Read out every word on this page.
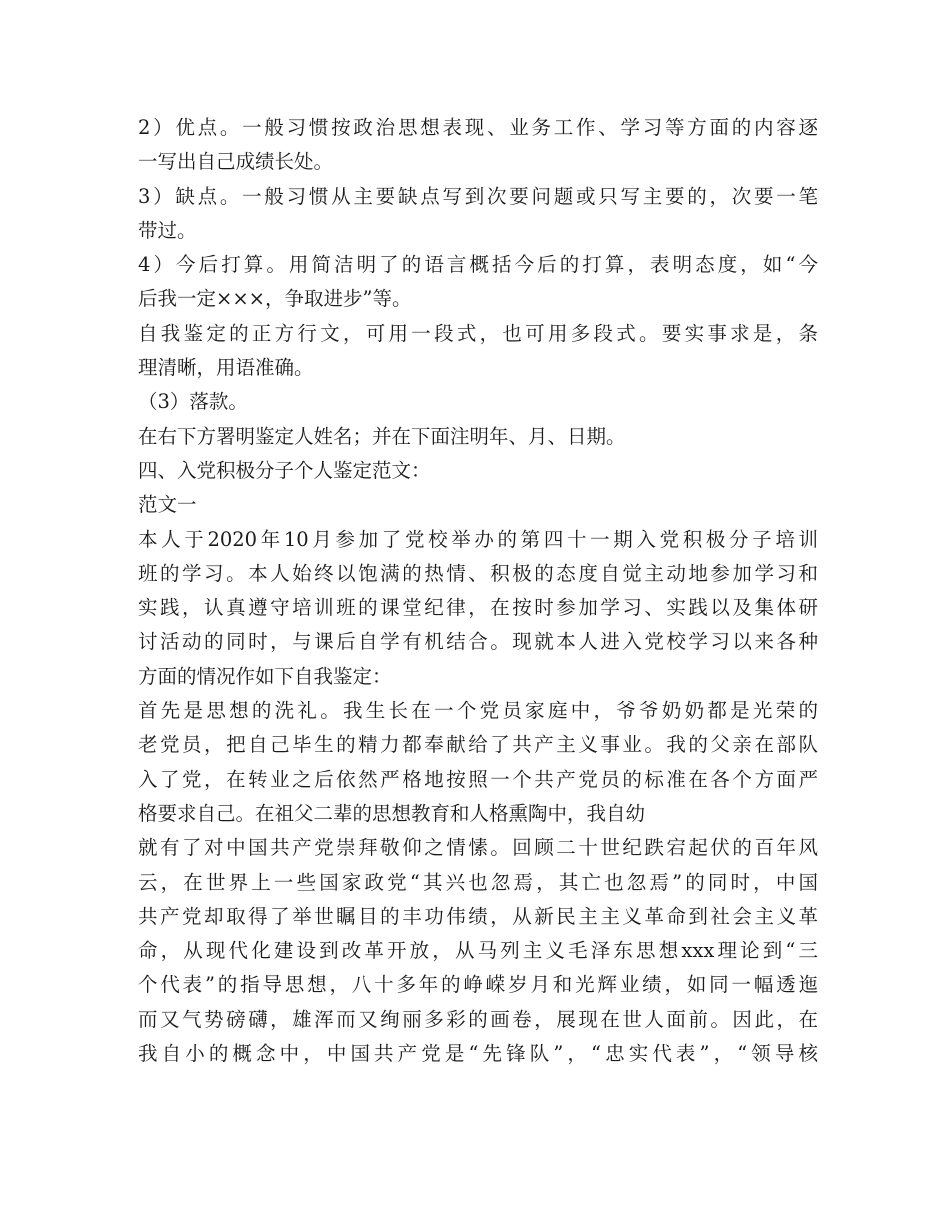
2）优点。一般习惯按政治思想表现、业务工作、学习等方面的内容逐
一写出自己成绩长处。
3）缺点。一般习惯从主要缺点写到次要问题或只写主要的，次要一笔
带过。
4）今后打算。用简洁明了的语言概括今后的打算，表明态度，如“今
后我一定×××，争取进步”等。
自我鉴定的正方行文，可用一段式，也可用多段式。要实事求是，条
理清晰，用语准确。
（3）落款。
在右下方署明鉴定人姓名；并在下面注明年、月、日期。
四、入党积极分子个人鉴定范文：
范文一
本人于2020年10月参加了党校举办的第四十一期入党积极分子培训
班的学习。本人始终以饱满的热情、积极的态度自觉主动地参加学习和
实践，认真遵守培训班的课堂纪律，在按时参加学习、实践以及集体研
讨活动的同时，与课后自学有机结合。现就本人进入党校学习以来各种
方面的情况作如下自我鉴定：
首先是思想的洗礼。我生长在一个党员家庭中，爷爷奶奶都是光荣的
老党员，把自己毕生的精力都奉献给了共产主义事业。我的父亲在部队
入了党，在转业之后依然严格地按照一个共产党员的标准在各个方面严
格要求自己。在祖父二辈的思想教育和人格熏陶中，我自幼
就有了对中国共产党崇拜敬仰之情愫。回顾二十世纪跌宕起伏的百年风
云，在世界上一些国家政党“其兴也忽焉，其亡也忽焉”的同时，中国
共产党却取得了举世瞩目的丰功伟绩，从新民主主义革命到社会主义革
命，从现代化建设到改革开放，从马列主义毛泽东思想xxx理论到“三
个代表”的指导思想，八十多年的峥嵘岁月和光辉业绩，如同一幅透迤
而又气势磅礴，雄浑而又绚丽多彩的画卷，展现在世人面前。因此，在
我自小的概念中，中国共产党是“先锋队”，“忠实代表”，“领导核
